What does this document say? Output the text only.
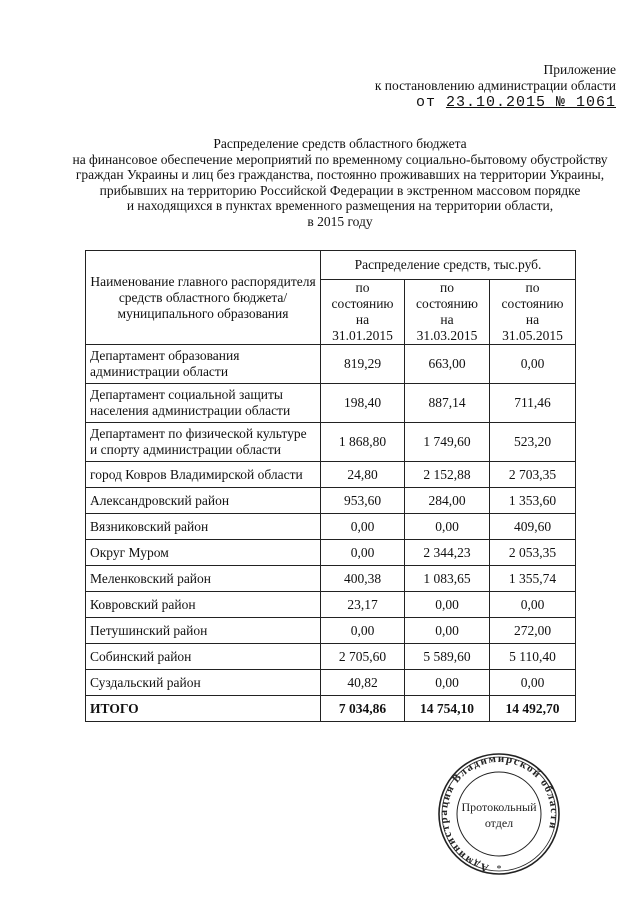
Приложение
к постановлению администрации области
от 23.10.2015 № 1061
Распределение средств областного бюджета
на финансовое обеспечение мероприятий по временному социально-бытовому обустройству
граждан Украины и лиц без гражданства, постоянно проживавших на территории Украины,
прибывших на территорию Российской Федерации в экстренном массовом порядке
и находящихся в пунктах временного размещения на территории области,
в 2015 году
Наименование главного распорядителя средств областного бюджета/ муниципального образования	Распределение средств, тыс.руб.		
	по состоянию на 31.01.2015	по состоянию на 31.03.2015	по состоянию на 31.05.2015
Департамент образования администрации области	819,29	663,00	0,00
Департамент социальной защиты населения администрации области	198,40	887,14	711,46
Департамент по физической культуре и спорту администрации области	1 868,80	1 749,60	523,20
город Ковров Владимирской области	24,80	2 152,88	2 703,35
Александровский район	953,60	284,00	1 353,60
Вязниковский район	0,00	0,00	409,60
Округ Муром	0,00	2 344,23	2 053,35
Меленковский район	400,38	1 083,65	1 355,74
Ковровский район	23,17	0,00	0,00
Петушинский район	0,00	0,00	272,00
Собинский район	2 705,60	5 589,60	5 110,40
Суздальский район	40,82	0,00	0,00
ИТОГО	7 034,86	14 754,10	14 492,70
Администрация Владимирской области
Протокольный
отдел
*
